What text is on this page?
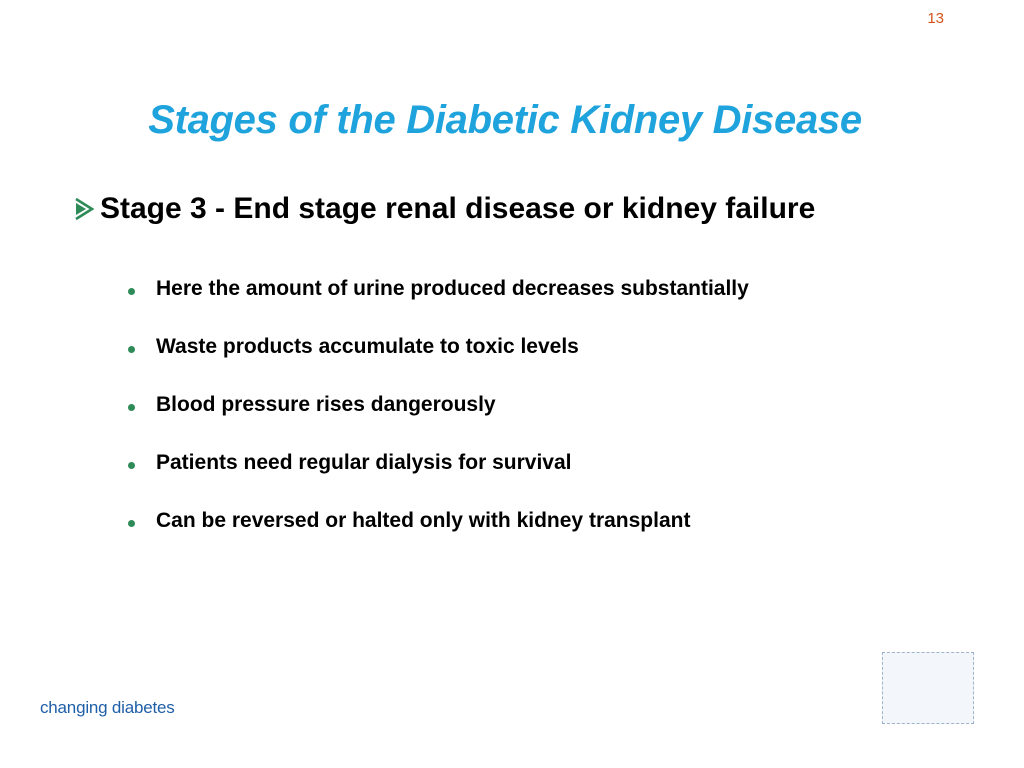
13
Stages of the Diabetic Kidney Disease
Stage 3 - End stage renal disease or kidney failure
Here the amount of urine produced decreases substantially
Waste products accumulate to toxic levels
Blood pressure rises dangerously
Patients need regular dialysis for survival
Can be reversed or halted only with kidney transplant
changing diabetes
